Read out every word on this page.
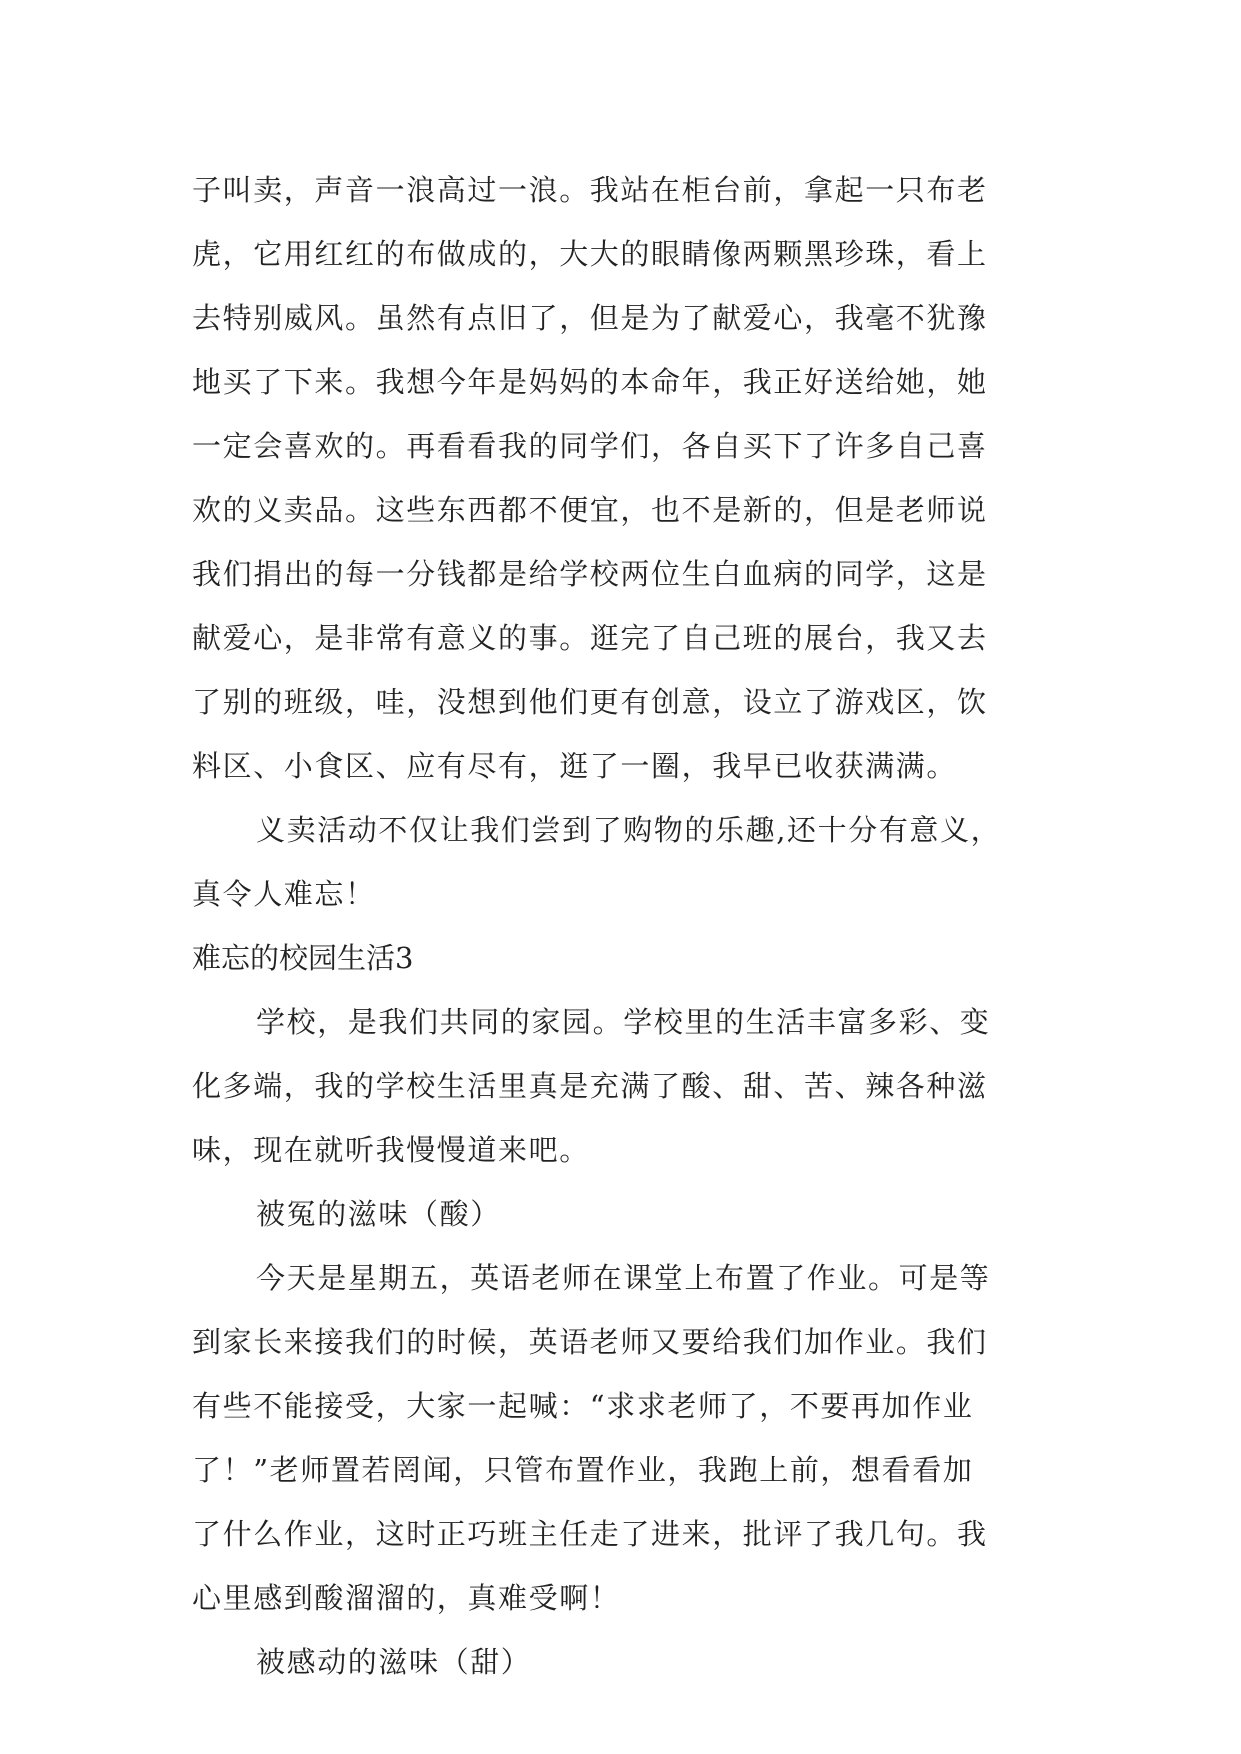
子叫卖，声音一浪高过一浪。我站在柜台前，拿起一只布老
虎，它用红红的布做成的，大大的眼睛像两颗黑珍珠，看上
去特别威风。虽然有点旧了，但是为了献爱心，我毫不犹豫
地买了下来。我想今年是妈妈的本命年，我正好送给她，她
一定会喜欢的。再看看我的同学们，各自买下了许多自己喜
欢的义卖品。这些东西都不便宜，也不是新的，但是老师说
我们捐出的每一分钱都是给学校两位生白血病的同学，这是
献爱心，是非常有意义的事。逛完了自己班的展台，我又去
了别的班级，哇，没想到他们更有创意，设立了游戏区，饮
料区、小食区、应有尽有，逛了一圈，我早已收获满满。
义卖活动不仅让我们尝到了购物的乐趣,还十分有意义，
真令人难忘！
难忘的校园生活3
学校，是我们共同的家园。学校里的生活丰富多彩、变
化多端，我的学校生活里真是充满了酸、甜、苦、辣各种滋
味，现在就听我慢慢道来吧。
被冤的滋味（酸）
今天是星期五，英语老师在课堂上布置了作业。可是等
到家长来接我们的时候，英语老师又要给我们加作业。我们
有些不能接受，大家一起喊：“求求老师了，不要再加作业
了！”老师置若罔闻，只管布置作业，我跑上前，想看看加
了什么作业，这时正巧班主任走了进来，批评了我几句。我
心里感到酸溜溜的，真难受啊！
被感动的滋味（甜）
